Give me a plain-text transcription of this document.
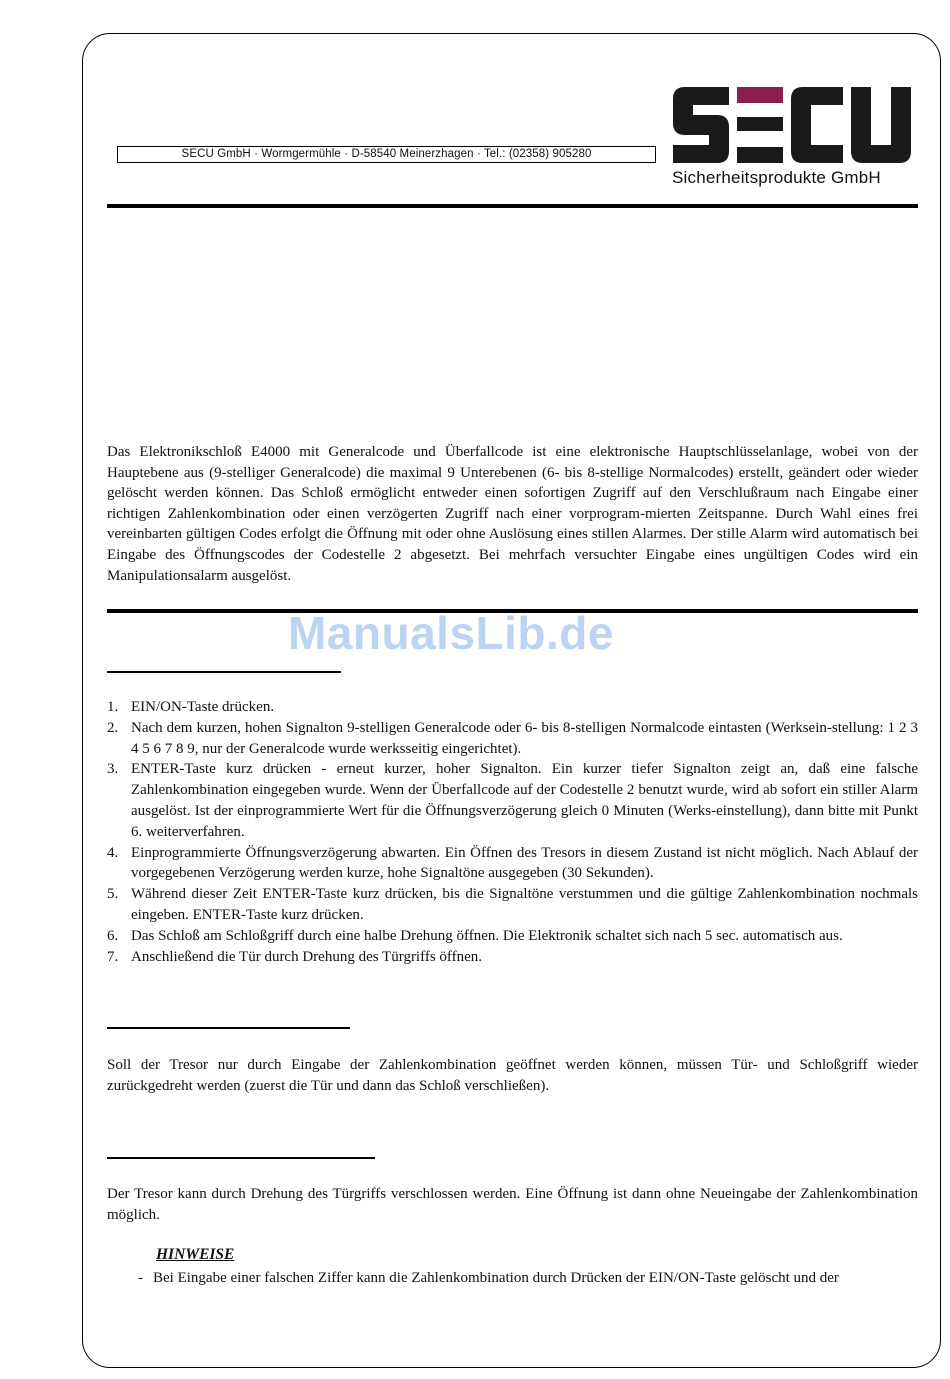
SECU GmbH · Wormgermühle · D-58540 Meinerzhagen · Tel.: (02358) 905280
Sicherheitsprodukte GmbH
Das Elektronikschloß E4000 mit Generalcode und Überfallcode ist eine elektronische Hauptschlüsselanlage, wobei von der Hauptebene aus (9-stelliger Generalcode) die maximal 9 Unterebenen (6- bis 8-stellige Normalcodes) erstellt, geändert oder wieder gelöscht werden können. Das Schloß ermöglicht entweder einen sofortigen Zugriff auf den Verschlußraum nach Eingabe einer richtigen Zahlenkombination oder einen verzögerten Zugriff nach einer vorprogram-mierten Zeitspanne. Durch Wahl eines frei vereinbarten gültigen Codes erfolgt die Öffnung mit oder ohne Auslösung eines stillen Alarmes. Der stille Alarm wird automatisch bei Eingabe des Öffnungscodes der Codestelle 2 abgesetzt. Bei mehrfach versuchter Eingabe eines ungültigen Codes wird ein Manipulationsalarm ausgelöst.
ManualsLib.de
1. EIN/ON-Taste drücken.
2. Nach dem kurzen, hohen Signalton 9-stelligen Generalcode oder 6- bis 8-stelligen Normalcode eintasten (Werksein-stellung: 1 2 3 4 5 6 7 8 9, nur der Generalcode wurde werksseitig eingerichtet).
3. ENTER-Taste kurz drücken - erneut kurzer, hoher Signalton. Ein kurzer tiefer Signalton zeigt an, daß eine falsche Zahlenkombination eingegeben wurde. Wenn der Überfallcode auf der Codestelle 2 benutzt wurde, wird ab sofort ein stiller Alarm ausgelöst. Ist der einprogrammierte Wert für die Öffnungsverzögerung gleich 0 Minuten (Werks-einstellung), dann bitte mit Punkt 6. weiterverfahren.
4. Einprogrammierte Öffnungsverzögerung abwarten. Ein Öffnen des Tresors in diesem Zustand ist nicht möglich. Nach Ablauf der vorgegebenen Verzögerung werden kurze, hohe Signaltöne ausgegeben (30 Sekunden).
5. Während dieser Zeit ENTER-Taste kurz drücken, bis die Signaltöne verstummen und die gültige Zahlenkombination nochmals eingeben. ENTER-Taste kurz drücken.
6. Das Schloß am Schloßgriff durch eine halbe Drehung öffnen. Die Elektronik schaltet sich nach 5 sec. automatisch aus.
7. Anschließend die Tür durch Drehung des Türgriffs öffnen.
Soll der Tresor nur durch Eingabe der Zahlenkombination geöffnet werden können, müssen Tür- und Schloßgriff wieder zurückgedreht werden (zuerst die Tür und dann das Schloß verschließen).
Der Tresor kann durch Drehung des Türgriffs verschlossen werden. Eine Öffnung ist dann ohne Neueingabe der Zahlenkombination möglich.
HINWEISE
- Bei Eingabe einer falschen Ziffer kann die Zahlenkombination durch Drücken der EIN/ON-Taste gelöscht und der
